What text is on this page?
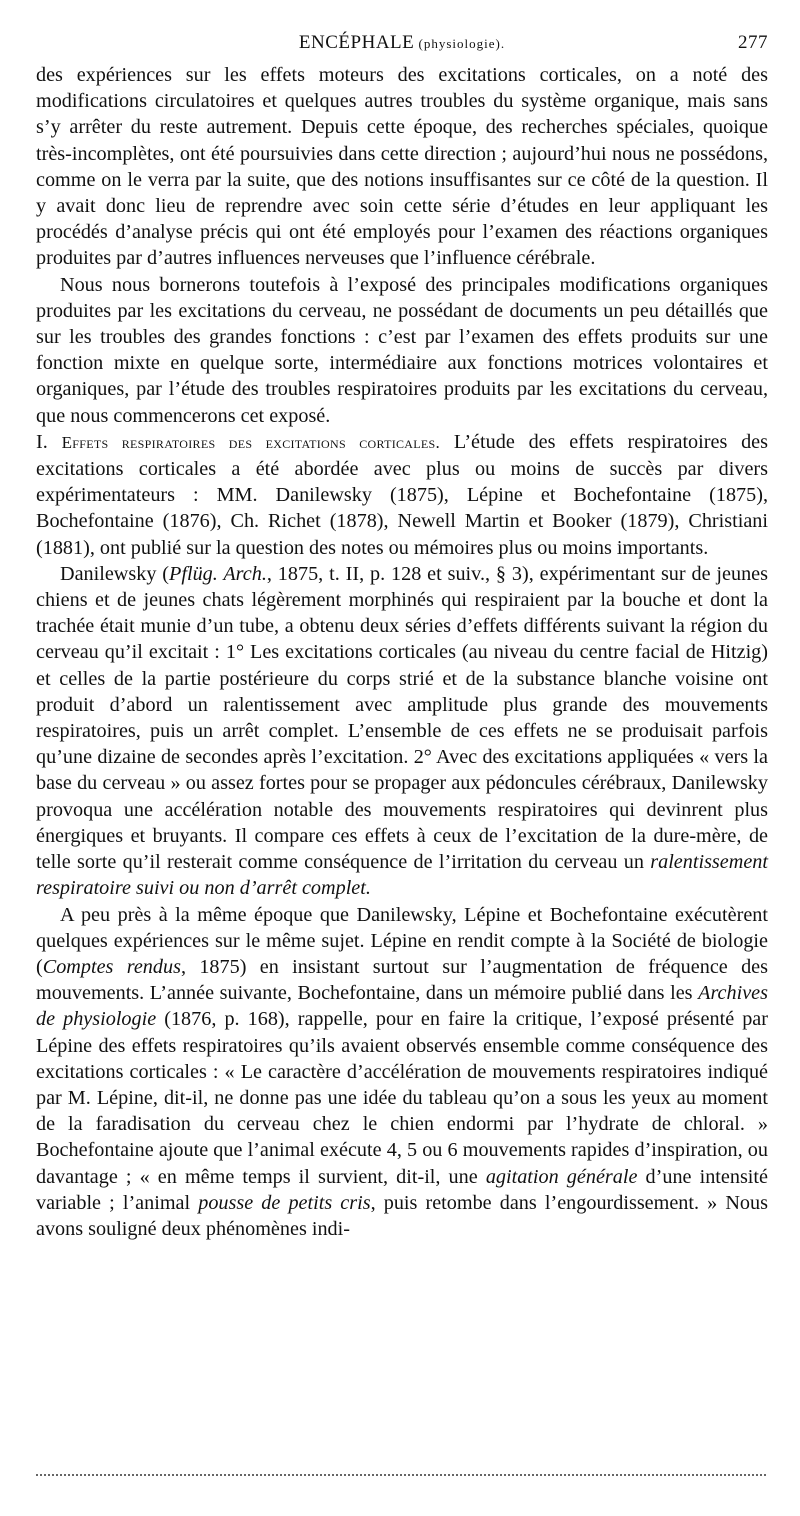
ENCÉPHALE (physiologie).	277

des expériences sur les effets moteurs des excitations corticales, on a noté des modifications circulatoires et quelques autres troubles du système organique, mais sans s’y arrêter du reste autrement. Depuis cette époque, des recherches spéciales, quoique très-incomplètes, ont été poursuivies dans cette direction ; aujourd’hui nous ne possédons, comme on le verra par la suite, que des notions insuffisantes sur ce côté de la question. Il y avait donc lieu de reprendre avec soin cette série d’études en leur appliquant les procédés d’analyse précis qui ont été employés pour l’examen des réactions organiques produites par d’autres influences nerveuses que l’influence cérébrale.

Nous nous bornerons toutefois à l’exposé des principales modifications organiques produites par les excitations du cerveau, ne possédant de documents un peu détaillés que sur les troubles des grandes fonctions : c’est par l’examen des effets produits sur une fonction mixte en quelque sorte, intermédiaire aux fonctions motrices volontaires et organiques, par l’étude des troubles respiratoires produits par les excitations du cerveau, que nous commencerons cet exposé.

I. Effets respiratoires des excitations corticales. L’étude des effets respiratoires des excitations corticales a été abordée avec plus ou moins de succès par divers expérimentateurs : MM. Danilewsky (1875), Lépine et Bochefontaine (1875), Bochefontaine (1876), Ch. Richet (1878), Newell Martin et Booker (1879), Christiani (1881), ont publié sur la question des notes ou mémoires plus ou moins importants.

Danilewsky (Pflüg. Arch., 1875, t. II, p. 128 et suiv., § 3), expérimentant sur de jeunes chiens et de jeunes chats légèrement morphinés qui respiraient par la bouche et dont la trachée était munie d’un tube, a obtenu deux séries d’effets différents suivant la région du cerveau qu’il excitait : 1° Les excitations corticales (au niveau du centre facial de Hitzig) et celles de la partie postérieure du corps strié et de la substance blanche voisine ont produit d’abord un ralentissement avec amplitude plus grande des mouvements respiratoires, puis un arrêt complet. L’ensemble de ces effets ne se produisait parfois qu’une dizaine de secondes après l’excitation. 2° Avec des excitations appliquées « vers la base du cerveau » ou assez fortes pour se propager aux pédoncules cérébraux, Danilewsky provoqua une accélération notable des mouvements respiratoires qui devinrent plus énergiques et bruyants. Il compare ces effets à ceux de l’excitation de la dure-mère, de telle sorte qu’il resterait comme conséquence de l’irritation du cerveau un ralentissement respiratoire suivi ou non d’arrêt complet.

A peu près à la même époque que Danilewsky, Lépine et Bochefontaine exécutèrent quelques expériences sur le même sujet. Lépine en rendit compte à la Société de biologie (Comptes rendus, 1875) en insistant surtout sur l’augmentation de fréquence des mouvements. L’année suivante, Bochefontaine, dans un mémoire publié dans les Archives de physiologie (1876, p. 168), rappelle, pour en faire la critique, l’exposé présenté par Lépine des effets respiratoires qu’ils avaient observés ensemble comme conséquence des excitations corticales : « Le caractère d’accélération de mouvements respiratoires indiqué par M. Lépine, dit-il, ne donne pas une idée du tableau qu’on a sous les yeux au moment de la faradisation du cerveau chez le chien endormi par l’hydrate de chloral. » Bochefontaine ajoute que l’animal exécute 4, 5 ou 6 mouvements rapides d’inspiration, ou davantage ; « en même temps il survient, dit-il, une agitation générale d’une intensité variable ; l’animal pousse de petits cris, puis retombe dans l’engourdissement. » Nous avons souligné deux phénomènes indi-
